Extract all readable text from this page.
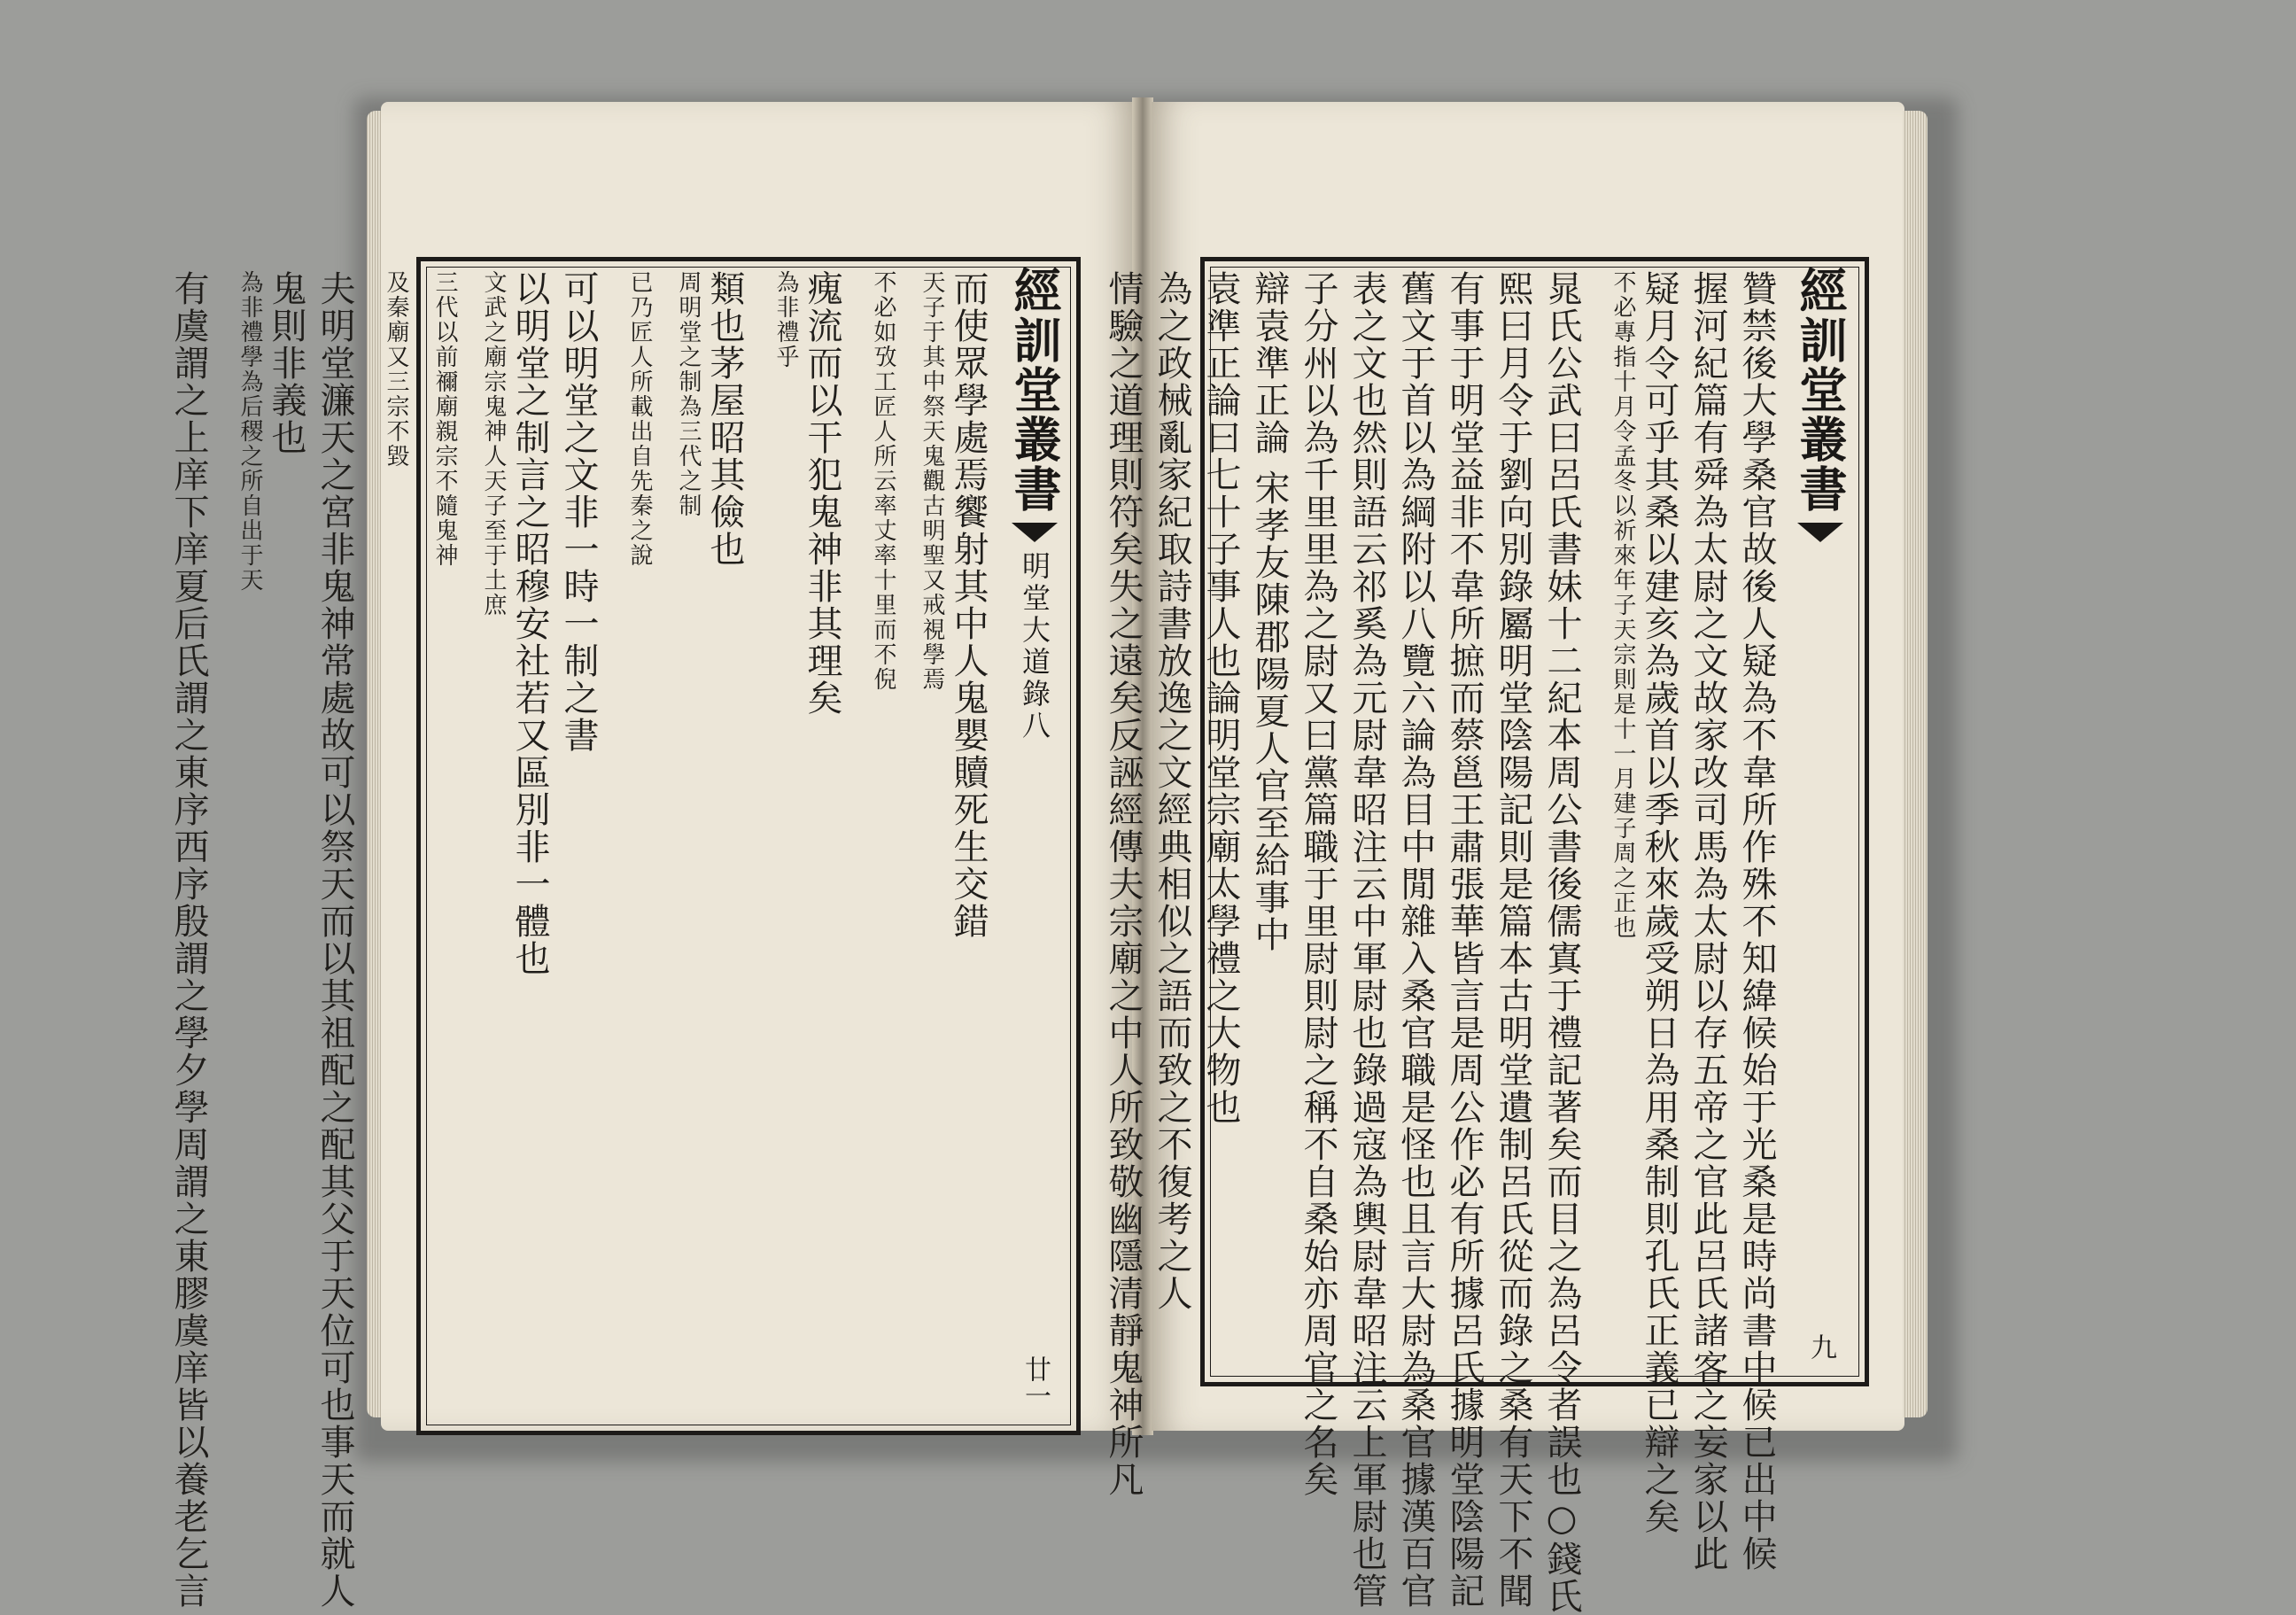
經訓堂叢書
明堂大道錄八
廿一
而使眾學處焉饗射其中人鬼嬰贖死生交錯
天子于其中祭天鬼觀古明聖又戒視學焉
不必如攷工匠人所云率丈率十里而不倪
瘣流而以干犯鬼神非其理矣
為非禮乎
類也茅屋昭其儉也
周明堂之制為三代之制
已乃匠人所載出自先秦之說
可以明堂之文非一時一制之書
以明堂之制言之昭穆安社若又區別非一體也
文武之廟宗鬼神人天子至于土庶
三代以前禰廟親宗不隨鬼神
及秦廟又三宗不毀
夫明堂濂天之宮非鬼神常處故可以祭天而以其祖配之配其父于天位可也事天而就人
鬼則非義也
為非禮學為后稷之所自出于天
有虞謂之上庠下庠夏后氏謂之東序西序殷謂之學夕學周謂之東膠虞庠皆以養老乞言	經訓堂叢書
九
贊禁後大學桑官故後人疑為不韋所作殊不知緯候始于光桑是時尚書中候已出中候
握河紀篇有舜為太尉之文故家改司馬為太尉以存五帝之官此呂氏諸客之妄家以此
疑月令可乎其桑以建亥為歲首以季秋來歲受朔日為用桑制則孔氏正義已辯之矣
不必專指十月令孟冬以祈來年子天宗則是十一月建子周之正也
晁氏公武曰呂氏書妹十二紀本周公書後儒寘于禮記著矣而目之為呂令者誤也○錢氏
熙曰月令于劉向別錄屬明堂陰陽記則是篇本古明堂遺制呂氏從而錄之桑有天下不聞
有事于明堂益非不韋所摭而蔡邕王肅張華皆言是周公作必有所據呂氏據明堂陰陽記
舊文于首以為綱附以八覽六論為目中閒雜入桑官職是怪也且言大尉為桑官據漢百官
表之文也然則語云祁奚為元尉韋昭注云中軍尉也錄過寇為輿尉韋昭注云上軍尉也管
子分州以為千里里為之尉又曰黨篇職于里尉則尉之稱不自桑始亦周官之名矣
辯袁準正論 宋孝友陳郡陽夏人官至給事中
袁準正論曰七十子事人也論明堂宗廟太學禮之大物也
為之政械亂家紀取詩書放逸之文經典相似之語而致之不復考之人
情驗之道理則符矣失之遠矣反誣經傳夫宗廟之中人所致敬幽隱清靜鬼神所凡
